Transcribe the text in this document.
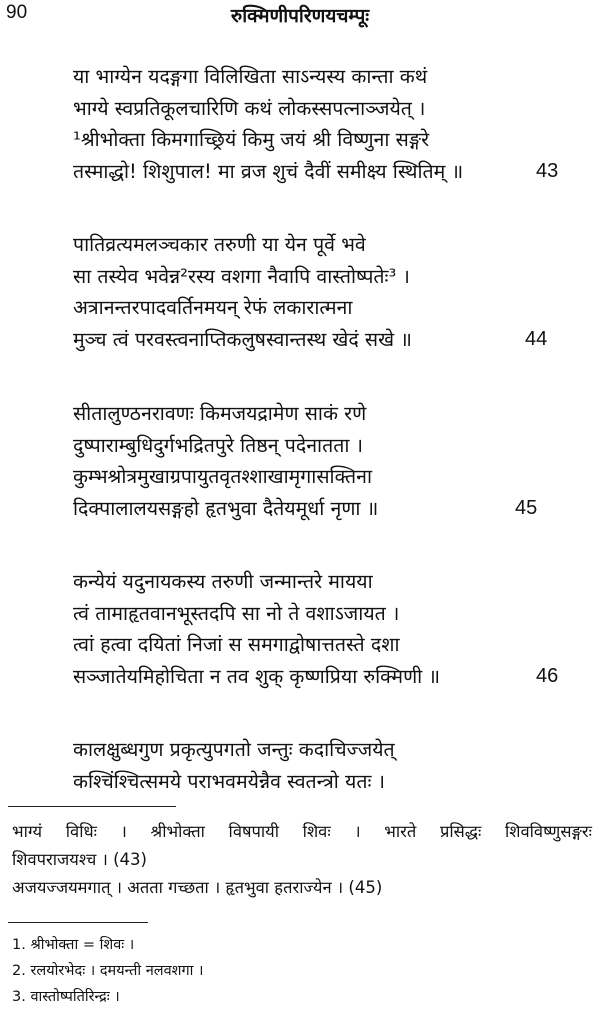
90	रुक्मिणीपरिणयचम्पूः
या भाग्येन यदङ्गगा विलिखिता साऽन्यस्य कान्ता कथं
भाग्ये स्वप्रतिकूलचारिणि कथं लोकस्सपत्नाञ्जयेत् ।
¹श्रीभोक्ता किमगाच्छ्रियं किमु जयं श्री विष्णुना सङ्गरे
तस्माद्धो! शिशुपाल! मा व्रज शुचं दैवीं समीक्ष्य स्थितिम् ॥	43
पातिव्रत्यमलञ्चकार तरुणी या येन पूर्वे भवे
सा तस्येव भवेन्न²रस्य वशगा नैवापि वास्तोष्पतेः³ ।
अत्रानन्तरपादवर्तिनमयन् रेफं लकारात्मना
मुञ्च त्वं परवस्त्वनाप्तिकलुषस्वान्तस्थ खेदं सखे ॥	44
सीतालुण्ठनरावणः किमजयद्रामेण साकं रणे
दुष्पाराम्बुधिदुर्गभद्रितपुरे तिष्ठन् पदेनातता ।
कुम्भश्रोत्रमुखाग्रपायुतवृतश्शाखामृगासक्तिना
दिक्पालालयसङ्गहो हृतभुवा दैतेयमूर्धा नृणा ॥	45
कन्येयं यदुनायकस्य तरुणी जन्मान्तरे मायया
त्वं तामाहृतवानभूस्तदपि सा नो ते वशाऽजायत ।
त्वां हत्वा दयितां निजां स समगाद्वोषात्ततस्ते दशा
सञ्जातेयमिहोचिता न तव शुक् कृष्णप्रिया रुक्मिणी ॥	46
कालक्षुब्धगुण प्रकृत्युपगतो जन्तुः कदाचिज्जयेत्
कश्चिंश्चित्समये पराभवमयेन्नैव स्वतन्त्रो यतः ।
भाग्यं विधिः । श्रीभोक्ता विषपायी शिवः । भारते प्रसिद्धः शिवविष्णुसङ्गरः
शिवपराजयश्च । (43)
अजयज्जयमगात् । अतता गच्छता । हृतभुवा हतराज्येन । (45)
1. श्रीभोक्ता = शिवः ।
2. रलयोरभेदः । दमयन्ती नलवशगा ।
3. वास्तोष्पतिरिन्द्रः ।
